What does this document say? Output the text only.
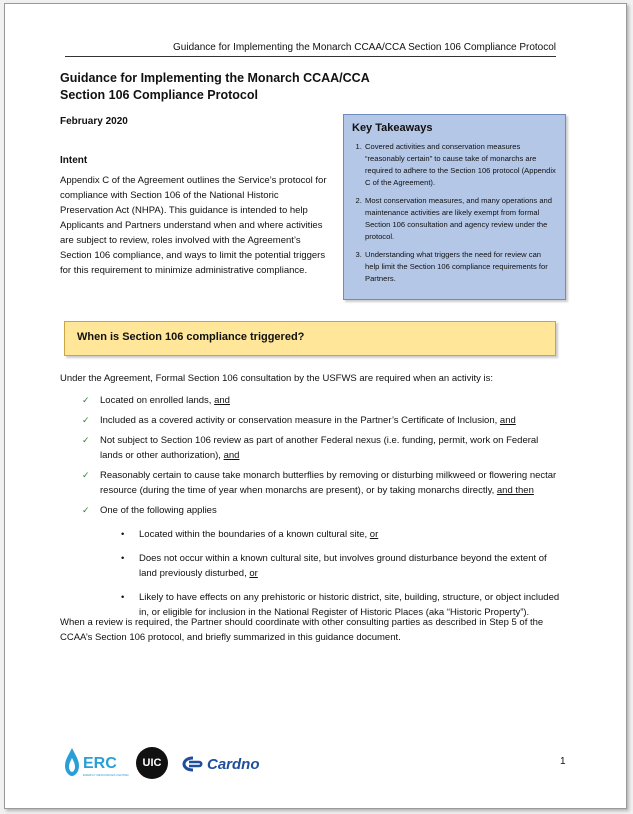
Guidance for Implementing the Monarch CCAA/CCA Section 106 Compliance Protocol
Guidance for Implementing the Monarch CCAA/CCA
Section 106 Compliance Protocol
February 2020
Intent
Appendix C of the Agreement outlines the Service’s protocol for compliance with Section 106 of the National Historic Preservation Act (NHPA). This guidance is intended to help Applicants and Partners understand when and where activities are subject to review, roles involved with the Agreement’s Section 106 compliance, and ways to limit the potential triggers for this requirement to minimize administrative compliance.
Key Takeaways
1. Covered activities and conservation measures “reasonably certain” to cause take of monarchs are required to adhere to the Section 106 protocol (Appendix C of the Agreement).
2. Most conservation measures, and many operations and maintenance activities are likely exempt from formal Section 106 consultation and agency review under the protocol.
3. Understanding what triggers the need for review can help limit the Section 106 compliance requirements for Partners.
When is Section 106 compliance triggered?
Under the Agreement, Formal Section 106 consultation by the USFWS are required when an activity is:
✓ Located on enrolled lands, and
✓ Included as a covered activity or conservation measure in the Partner’s Certificate of Inclusion, and
✓ Not subject to Section 106 review as part of another Federal nexus (i.e. funding, permit, work on Federal lands or other authorization), and
✓ Reasonably certain to cause take monarch butterflies by removing or disturbing milkweed or flowering nectar resource (during the time of year when monarchs are present), or by taking monarchs directly, and then
✓ One of the following applies
• Located within the boundaries of a known cultural site, or
• Does not occur within a known cultural site, but involves ground disturbance beyond the extent of land previously disturbed, or
• Likely to have effects on any prehistoric or historic district, site, building, structure, or object included in, or eligible for inclusion in the National Register of Historic Places (aka “Historic Property”).
When a review is required, the Partner should coordinate with other consulting parties as described in Step 5 of the CCAA’s Section 106 protocol, and briefly summarized in this guidance document.
ERC
ENERGY RESOURCES CENTER
UIC	Cardno	1
